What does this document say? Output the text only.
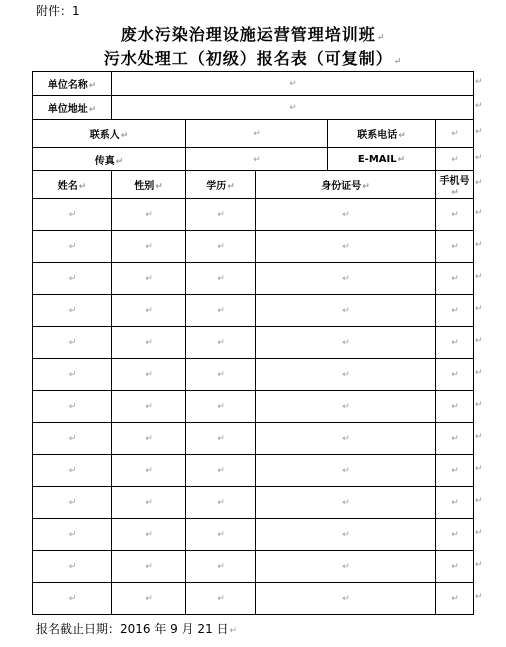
附件：1
废水污染治理设施运营管理培训班↵
污水处理工（初级）报名表（可复制）↵
单位名称↵	↵				
单位地址↵	↵				
联系人↵		↵		联系电话↵	↵
传真↵		↵		E-MAIL↵	↵
姓名↵	性别↵	学历↵	身份证号↵		手机号↵
↵	↵	↵	↵		↵
↵	↵	↵	↵		↵
↵	↵	↵	↵		↵
↵	↵	↵	↵		↵
↵	↵	↵	↵		↵
↵	↵	↵	↵		↵
↵	↵	↵	↵		↵
↵	↵	↵	↵		↵
↵	↵	↵	↵		↵
↵	↵	↵	↵		↵
↵	↵	↵	↵		↵
↵	↵	↵	↵		↵
↵	↵	↵	↵		↵
↵
↵
↵
↵
↵
↵
↵
↵
↵
↵
↵
↵
↵
↵
↵
↵
↵
↵
报名截止日期：2016 年 9 月 21 日↵
